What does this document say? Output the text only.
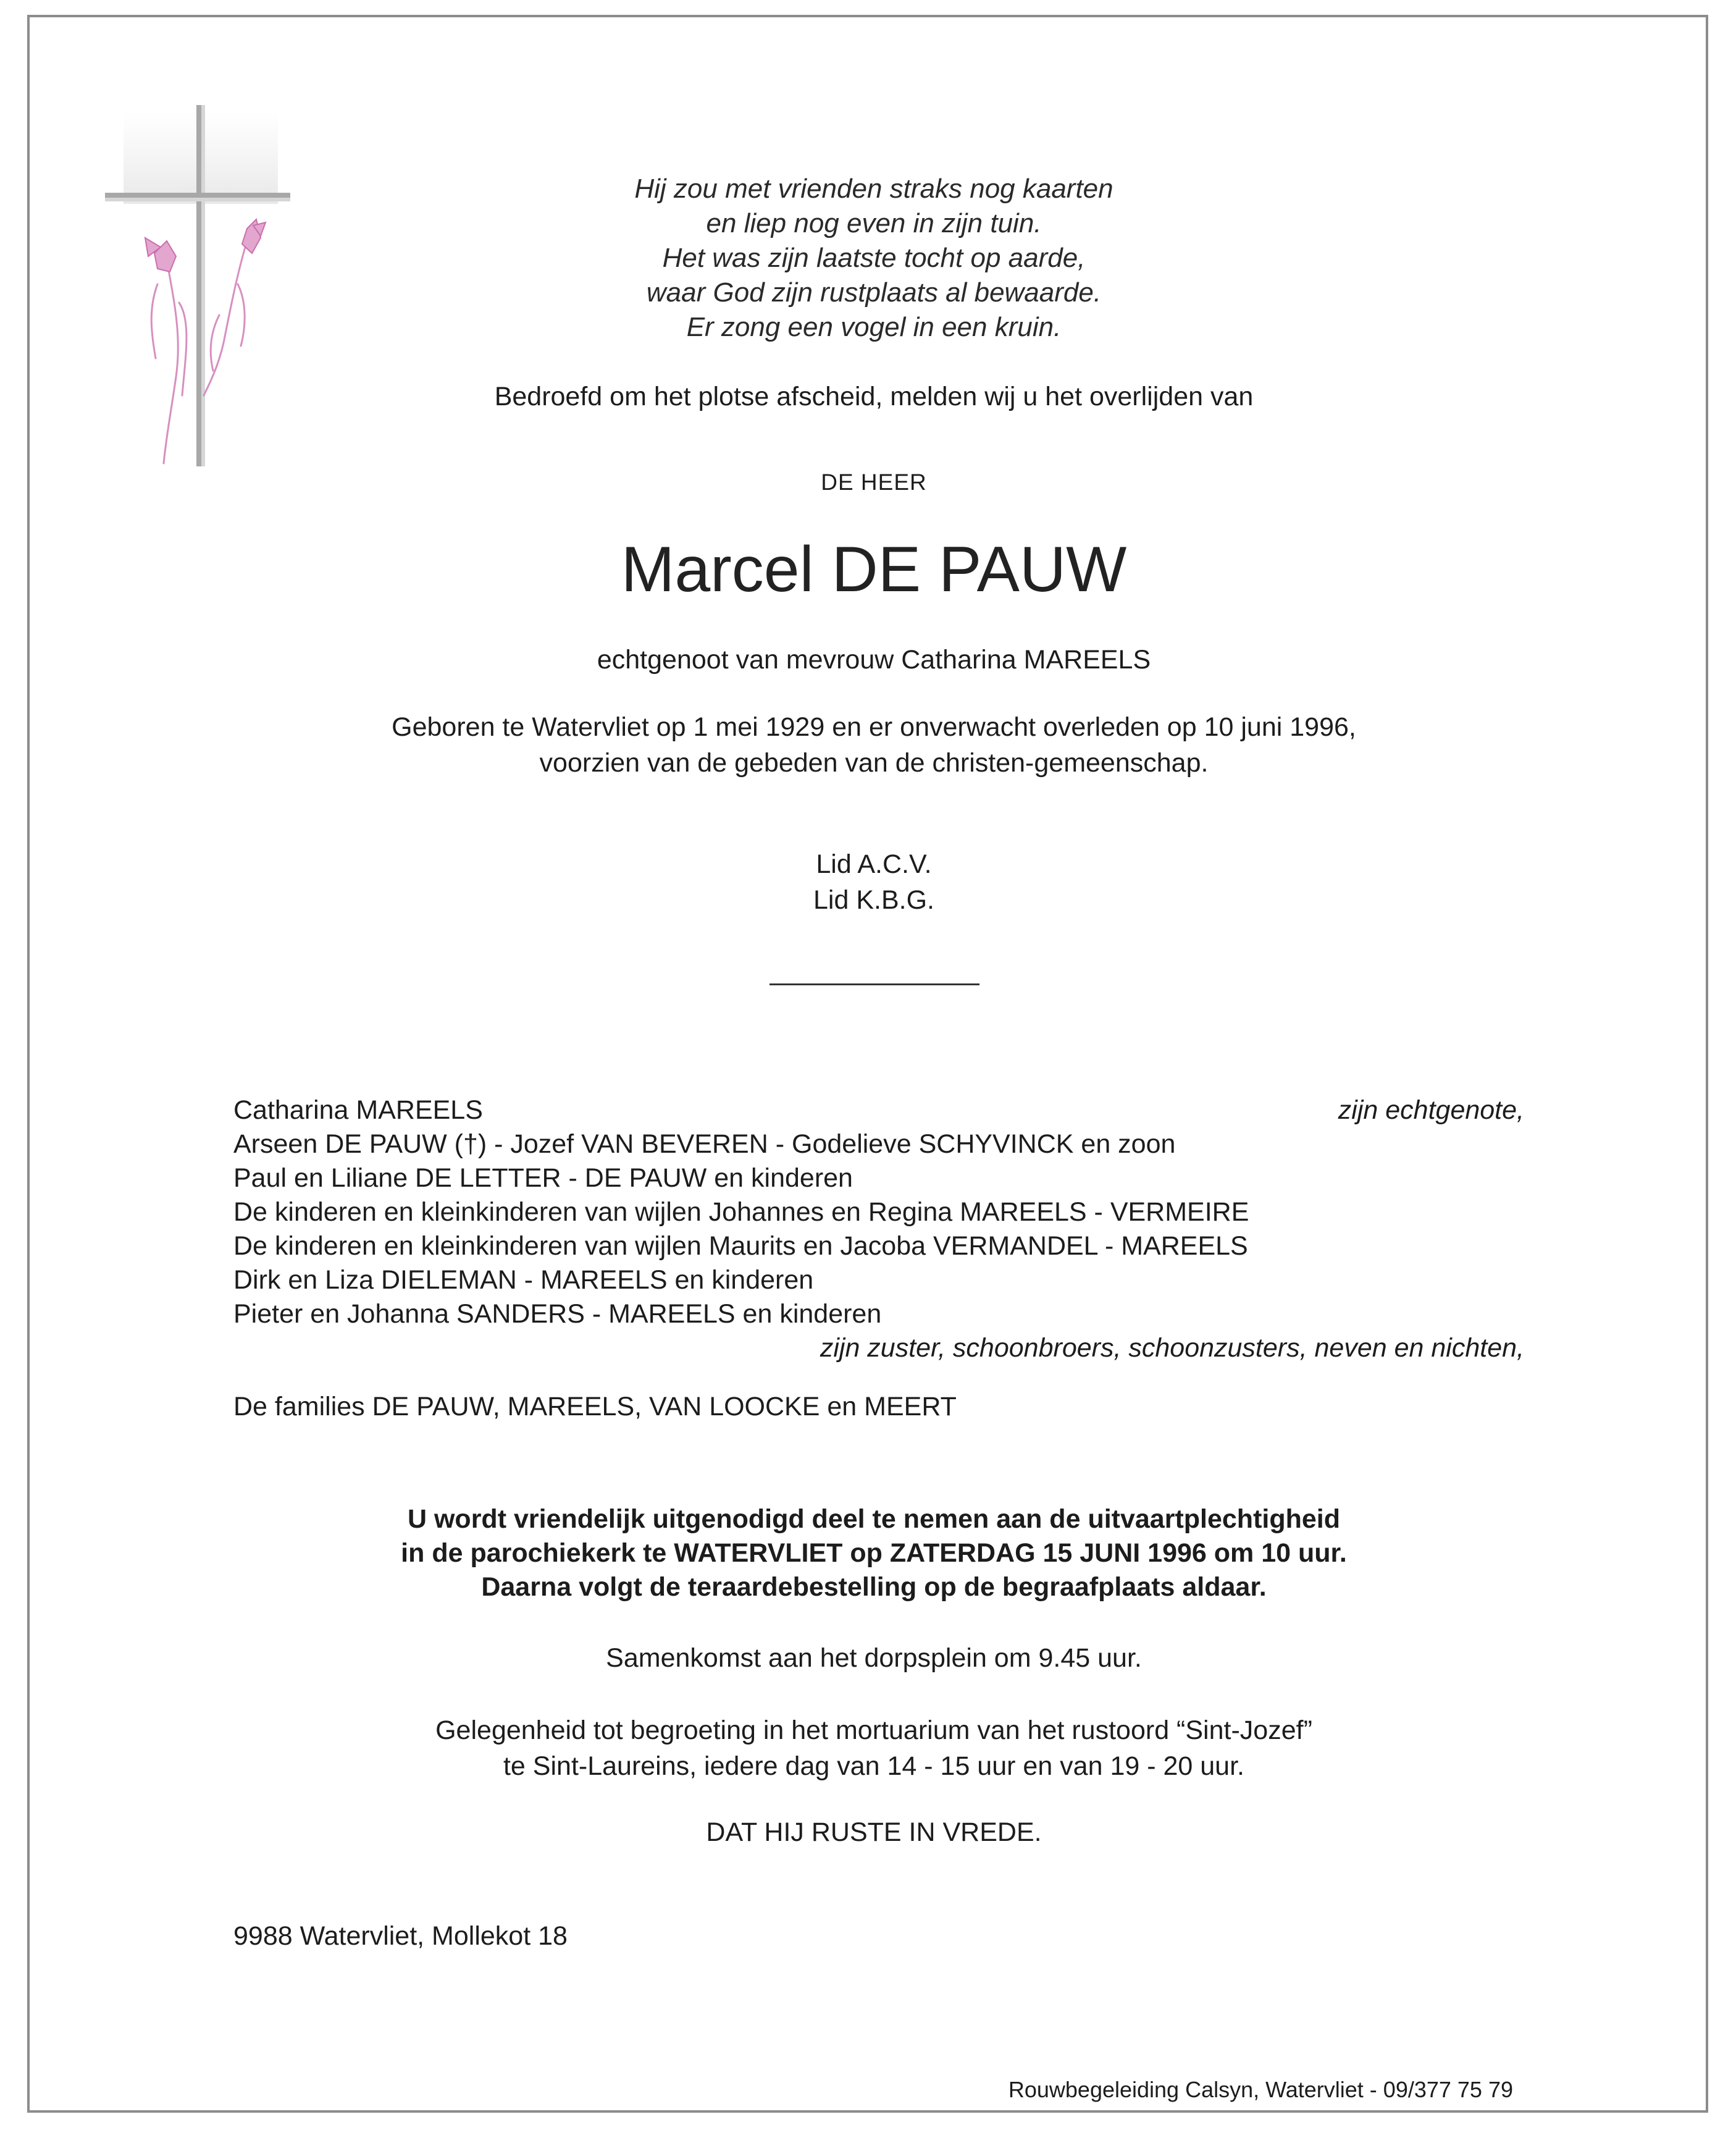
Hij zou met vrienden straks nog kaarten
en liep nog even in zijn tuin.
Het was zijn laatste tocht op aarde,
waar God zijn rustplaats al bewaarde.
Er zong een vogel in een kruin.
Bedroefd om het plotse afscheid, melden wij u het overlijden van
DE HEER
Marcel DE PAUW
echtgenoot van mevrouw Catharina MAREELS
Geboren te Watervliet op 1 mei 1929 en er onverwacht overleden op 10 juni 1996,
voorzien van de gebeden van de christen-gemeenschap.
Lid A.C.V.
Lid K.B.G.
Catharina MAREELS	zijn echtgenote,
Arseen DE PAUW (†) - Jozef VAN BEVEREN - Godelieve SCHYVINCK en zoon
Paul en Liliane DE LETTER - DE PAUW en kinderen
De kinderen en kleinkinderen van wijlen Johannes en Regina MAREELS - VERMEIRE
De kinderen en kleinkinderen van wijlen Maurits en Jacoba VERMANDEL - MAREELS
Dirk en Liza DIELEMAN - MAREELS en kinderen
Pieter en Johanna SANDERS - MAREELS en kinderen
zijn zuster, schoonbroers, schoonzusters, neven en nichten,
De families DE PAUW, MAREELS, VAN LOOCKE en MEERT
U wordt vriendelijk uitgenodigd deel te nemen aan de uitvaartplechtigheid
in de parochiekerk te WATERVLIET op ZATERDAG 15 JUNI 1996 om 10 uur.
Daarna volgt de teraardebestelling op de begraafplaats aldaar.
Samenkomst aan het dorpsplein om 9.45 uur.
Gelegenheid tot begroeting in het mortuarium van het rustoord “Sint-Jozef”
te Sint-Laureins, iedere dag van 14 - 15 uur en van 19 - 20 uur.
DAT HIJ RUSTE IN VREDE.
9988 Watervliet, Mollekot 18
Rouwbegeleiding Calsyn, Watervliet - 09/377 75 79
